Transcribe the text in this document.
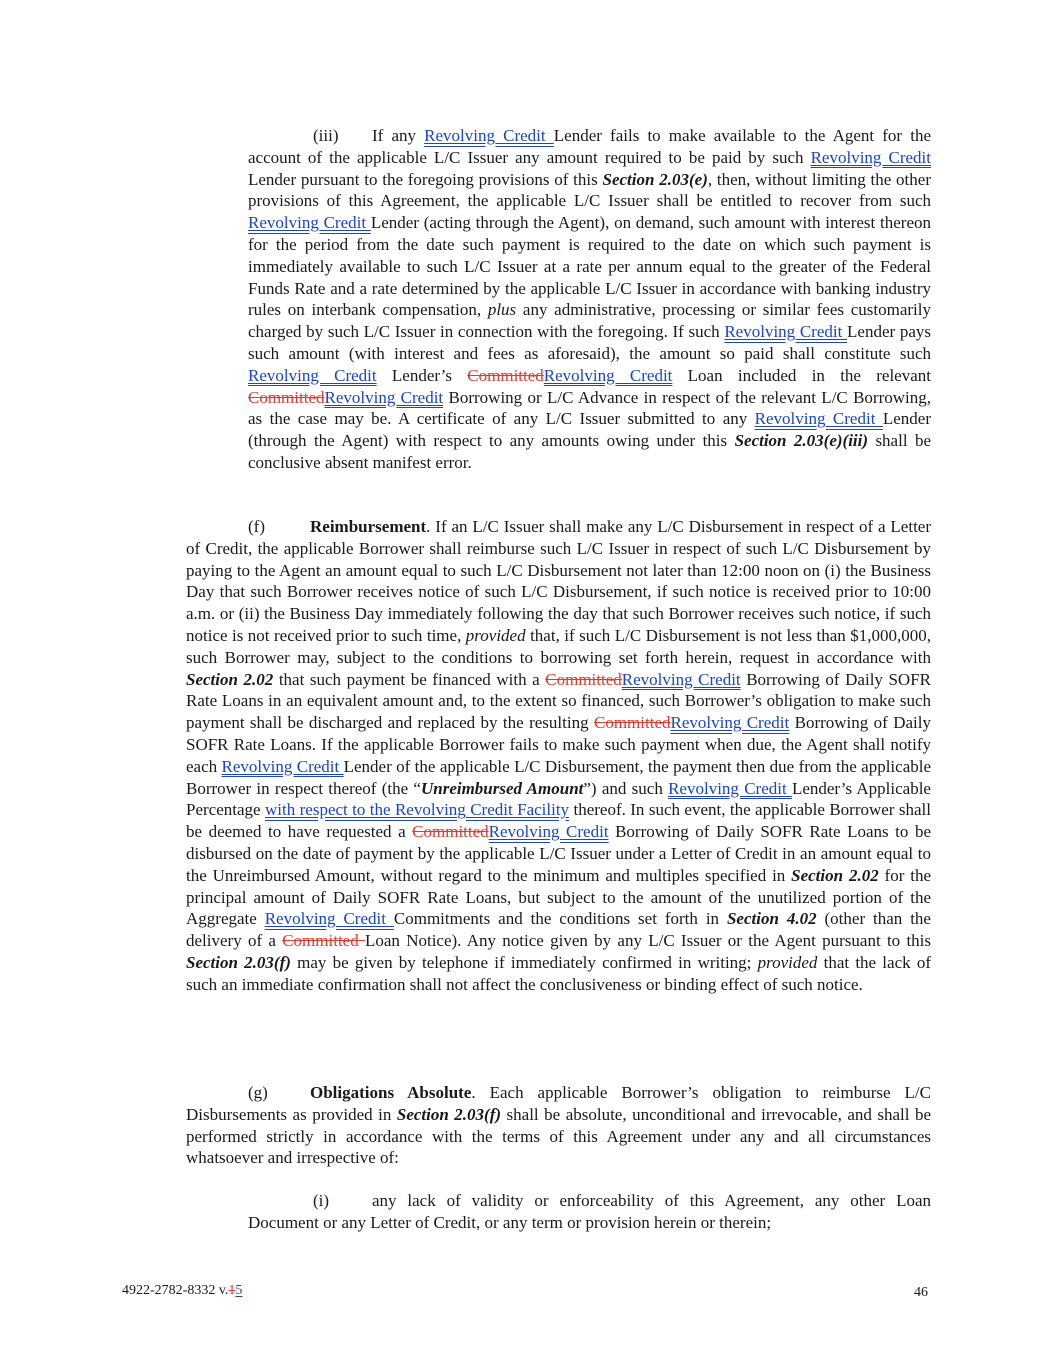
(iii) If any Revolving Credit Lender fails to make available to the Agent for the account of the applicable L/C Issuer any amount required to be paid by such Revolving Credit Lender pursuant to the foregoing provisions of this Section 2.03(e), then, without limiting the other provisions of this Agreement, the applicable L/C Issuer shall be entitled to recover from such Revolving Credit Lender (acting through the Agent), on demand, such amount with interest thereon for the period from the date such payment is required to the date on which such payment is immediately available to such L/C Issuer at a rate per annum equal to the greater of the Federal Funds Rate and a rate determined by the applicable L/C Issuer in accordance with banking industry rules on interbank compensation, plus any administrative, processing or similar fees customarily charged by such L/C Issuer in connection with the foregoing. If such Revolving Credit Lender pays such amount (with interest and fees as aforesaid), the amount so paid shall constitute such Revolving Credit Lender’s CommittedRevolving Credit Loan included in the relevant CommittedRevolving Credit Borrowing or L/C Advance in respect of the relevant L/C Borrowing, as the case may be. A certificate of any L/C Issuer submitted to any Revolving Credit Lender (through the Agent) with respect to any amounts owing under this Section 2.03(e)(iii) shall be conclusive absent manifest error.
(f)	Reimbursement. If an L/C Issuer shall make any L/C Disbursement in respect of a Letter of Credit, the applicable Borrower shall reimburse such L/C Issuer in respect of such L/C Disbursement by paying to the Agent an amount equal to such L/C Disbursement not later than 12:00 noon on (i) the Business Day that such Borrower receives notice of such L/C Disbursement, if such notice is received prior to 10:00 a.m. or (ii) the Business Day immediately following the day that such Borrower receives such notice, if such notice is not received prior to such time, provided that, if such L/C Disbursement is not less than $1,000,000, such Borrower may, subject to the conditions to borrowing set forth herein, request in accordance with Section 2.02 that such payment be financed with a CommittedRevolving Credit Borrowing of Daily SOFR Rate Loans in an equivalent amount and, to the extent so financed, such Borrower’s obligation to make such payment shall be discharged and replaced by the resulting CommittedRevolving Credit Borrowing of Daily SOFR Rate Loans. If the applicable Borrower fails to make such payment when due, the Agent shall notify each Revolving Credit Lender of the applicable L/C Disbursement, the payment then due from the applicable Borrower in respect thereof (the “Unreimbursed Amount”) and such Revolving Credit Lender’s Applicable Percentage with respect to the Revolving Credit Facility thereof. In such event, the applicable Borrower shall be deemed to have requested a CommittedRevolving Credit Borrowing of Daily SOFR Rate Loans to be disbursed on the date of payment by the applicable L/C Issuer under a Letter of Credit in an amount equal to the Unreimbursed Amount, without regard to the minimum and multiples specified in Section 2.02 for the principal amount of Daily SOFR Rate Loans, but subject to the amount of the unutilized portion of the Aggregate Revolving Credit Commitments and the conditions set forth in Section 4.02 (other than the delivery of a Committed Loan Notice). Any notice given by any L/C Issuer or the Agent pursuant to this Section 2.03(f) may be given by telephone if immediately confirmed in writing; provided that the lack of such an immediate confirmation shall not affect the conclusiveness or binding effect of such notice.
(g) Obligations Absolute. Each applicable Borrower’s obligation to reimburse L/C Disbursements as provided in Section 2.03(f) shall be absolute, unconditional and irrevocable, and shall be performed strictly in accordance with the terms of this Agreement under any and all circumstances whatsoever and irrespective of:
(i)	any lack of validity or enforceability of this Agreement, any other Loan Document or any Letter of Credit, or any term or provision herein or therein;
4922-2782-8332 v.15	46
